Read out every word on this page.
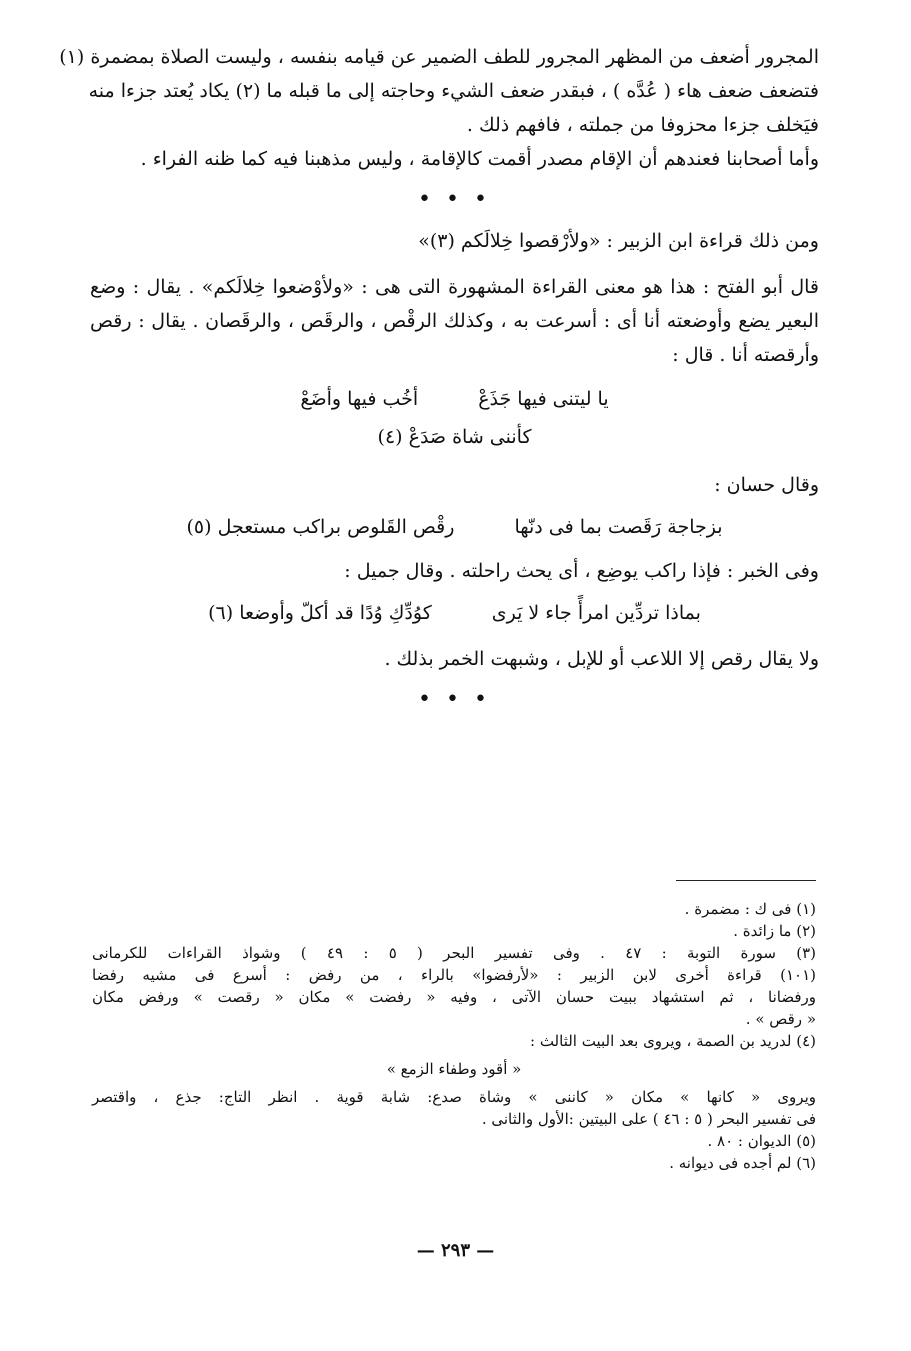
المجرور أضعف من المظهر المجرور للطف الضمير عن قيامه بنفسه ، وليست الصلاة بمضمرة (١)

فتضعف ضعف هاء ( عُدَّه ) ، فبقدر ضعف الشيء وحاجته إلى ما قبله ما (٢) يكاد يُعتد جزءا منه

فيَخلف جزءا محزوفا من جملته ، فافهم ذلك .

وأما أصحابنا فعندهم أن الإقام مصدر أقمت كالإقامة ، وليس مذهبنا فيه كما ظنه الفراء .

• • •

ومن ذلك قراءة ابن الزبير : «ولأرْقصوا خِلالَكم (٣)»

قال أبو الفتح : هذا هو معنى القراءة المشهورة التى هى : «ولأوْضعوا خِلالَكم» . يقال : وضع

البعير يضع وأوضعته أنا أى : أسرعت به ، وكذلك الرقْص ، والرقَص ، والرقَصان . يقال : رقص

وأرقصته أنا . قال :

يا ليتنى فيها جَذَعْ
أخُب فيها وأضَعْ
كأننى شاة صَدَعْ (٤)

وقال حسان :

بزجاجة رَقَصت بما فى دنّها
رقْص القَلوص براكب مستعجل (٥)

وفى الخبر : فإذا راكب يوضِع ، أى يحث راحلته . وقال جميل :

بماذا تردِّين امرأً جاء لا يَرى
كوُدِّكِ وُدًا قد أكلّ وأوضعا (٦)

ولا يقال رقص إلا اللاعب أو للإبل ، وشبهت الخمر بذلك .

• • •

(١) فى ك : مضمرة .

(٢) ما زائدة .

(٣) سورة التوبة : ٤٧ . وفى تفسير البحر ( ٥ : ٤٩ ) وشواذ القراءات للكرمانى

(١٠١) قراءة أخرى لابن الزبير : «لأرفضوا» بالراء ، من رفض : أسرع فى مشيه رفضا

ورفضانا ، ثم استشهاد ببيت حسان الآتى ، وفيه « رفضت » مكان « رقصت » ورفض مكان

« رقص » .

(٤) لدريد بن الصمة ، ويروى بعد البيت الثالث :

« أقود وطفاء الزمع »

ويروى « كانها » مكان « كاننى » وشاة صدع: شابة قوية . انظر التاج: جذع ، واقتصر

فى تفسير البحر ( ٥ : ٤٦ ) على البيتين :الأول والثانى .

(٥) الديوان : ٨٠ .

(٦) لم أجده فى ديوانه .

— ٢٩٣ —
